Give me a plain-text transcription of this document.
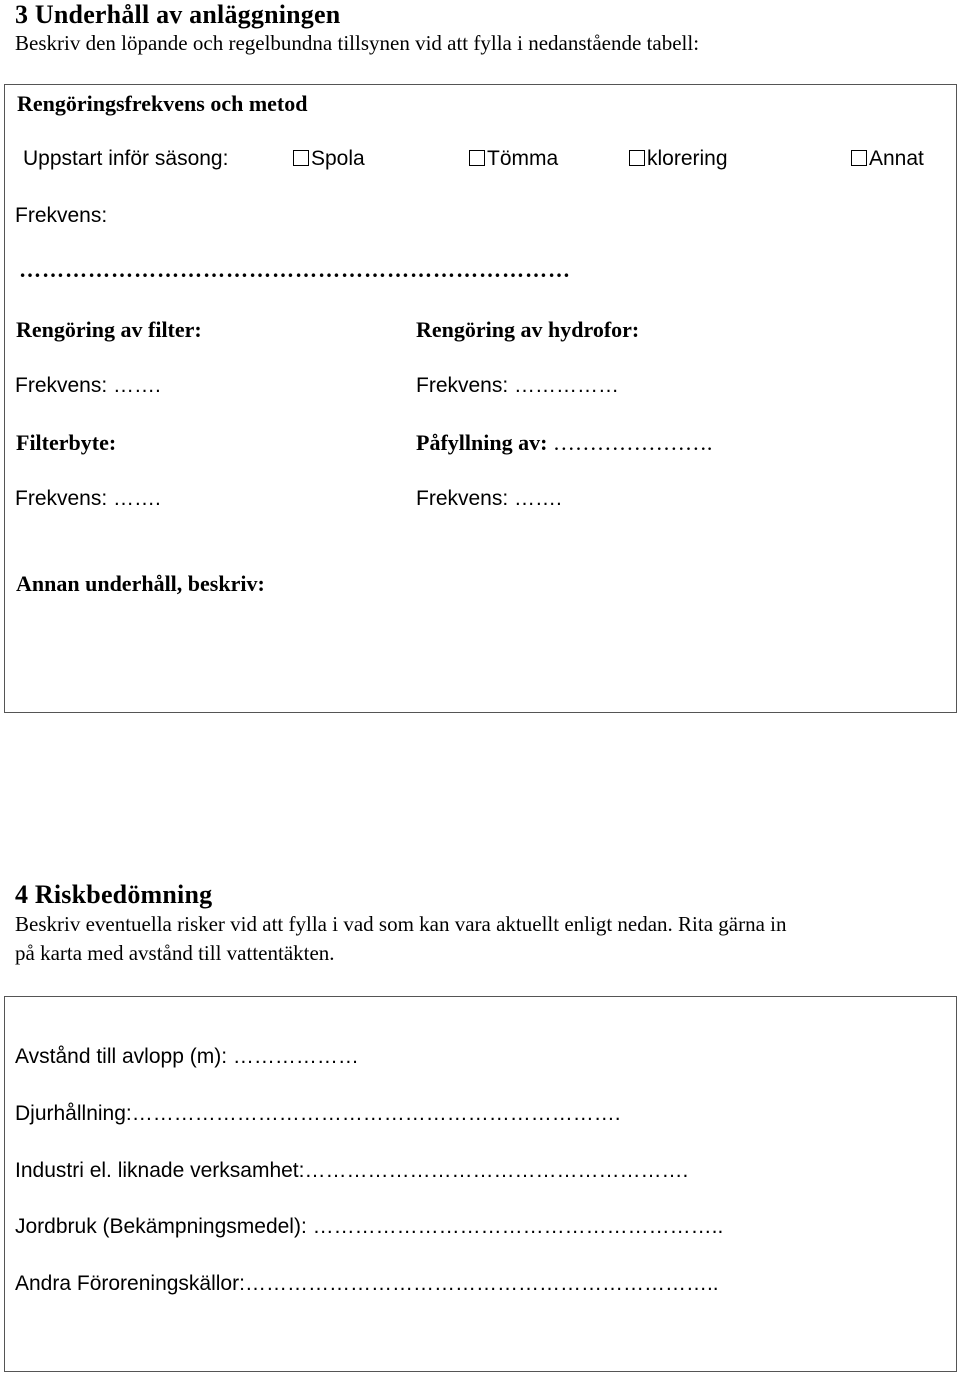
3 Underhåll av anläggningen
Beskriv den löpande och regelbundna tillsynen vid att fylla i nedanstående tabell:
Rengöringsfrekvens och metod
Uppstart inför säsong:	Spola	Tömma	klorering	Annat
Frekvens:
………………………………………………………………
Rengöring av filter:	Rengöring av hydrofor:
Frekvens: …….	Frekvens: ……………
Filterbyte:	Påfyllning av: ………………….
Frekvens: …….	Frekvens: …….
Annan underhåll, beskriv:
4 Riskbedömning
Beskriv eventuella risker vid att fylla i vad som kan vara aktuellt enligt nedan. Rita gärna in
på karta med avstånd till vattentäkten.
Avstånd till avlopp (m): ………………
Djurhållning:…………………………………………………………….
Industri el. liknade verksamhet:……………………………………………….
Jordbruk (Bekämpningsmedel): …………………………………………………..
Andra Föroreningskällor:…………………………………………………………..
